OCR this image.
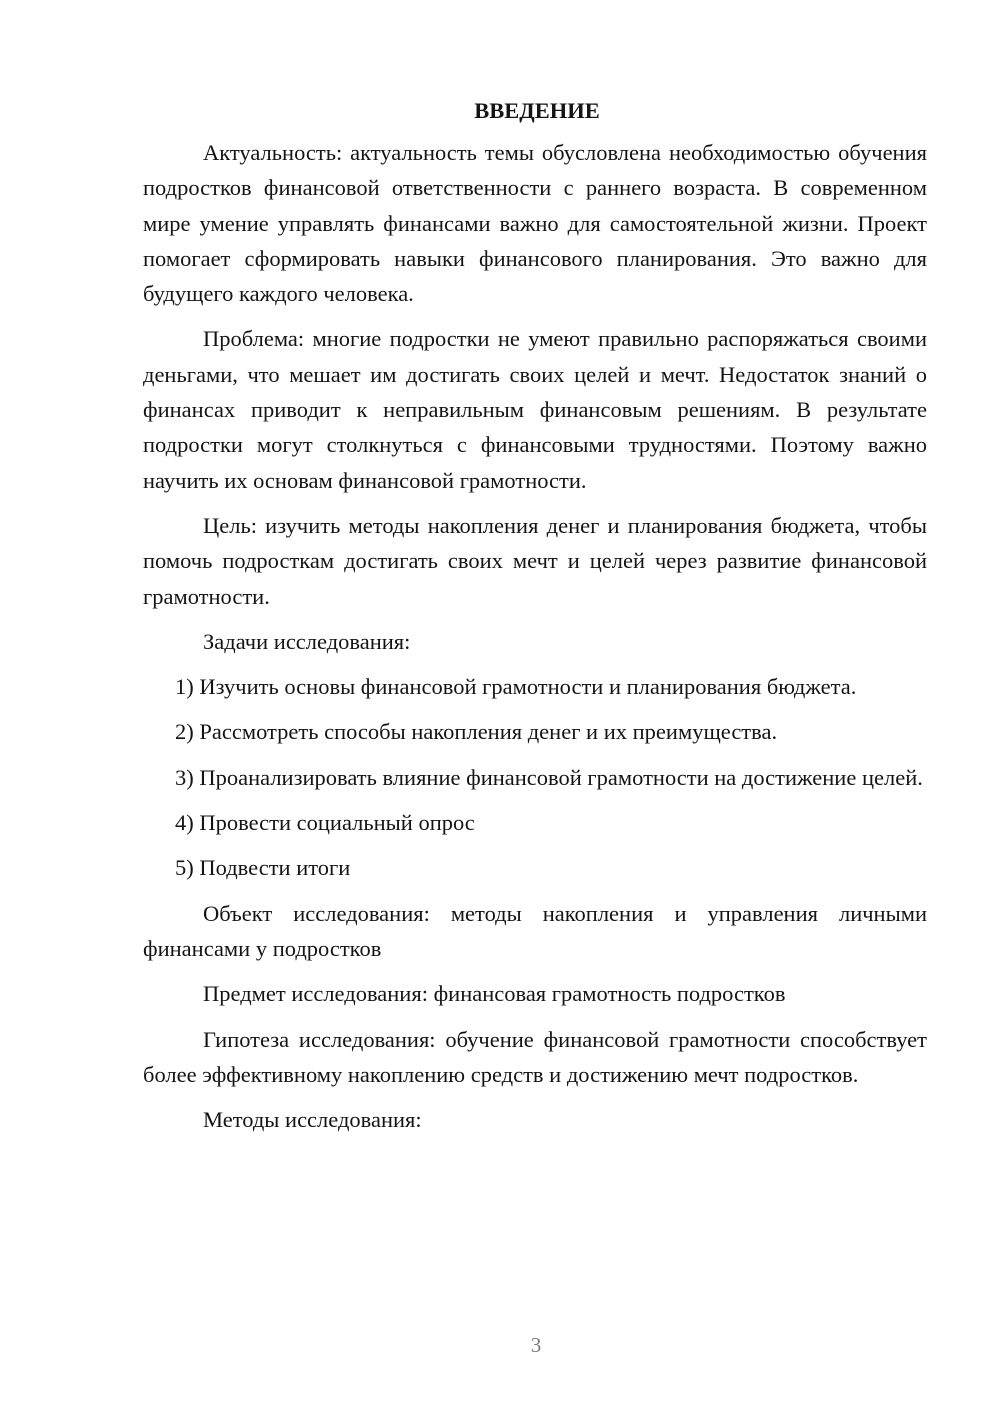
ВВЕДЕНИЕ

Актуальность: актуальность темы обусловлена необходимостью обучения подростков финансовой ответственности с раннего возраста. В современном мире умение управлять финансами важно для самостоятельной жизни. Проект помогает сформировать навыки финансового планирования. Это важно для будущего каждого человека.

Проблема: многие подростки не умеют правильно распоряжаться своими деньгами, что мешает им достигать своих целей и мечт. Недостаток знаний о финансах приводит к неправильным финансовым решениям. В результате подростки могут столкнуться с финансовыми трудностями. Поэтому важно научить их основам финансовой грамотности.

Цель: изучить методы накопления денег и планирования бюджета, чтобы помочь подросткам достигать своих мечт и целей через развитие финансовой грамотности.

Задачи исследования:

1) Изучить основы финансовой грамотности и планирования бюджета.

2) Рассмотреть способы накопления денег и их преимущества.

3) Проанализировать влияние финансовой грамотности на достижение целей.

4) Провести социальный опрос

5) Подвести итоги

Объект исследования: методы накопления и управления личными финансами у подростков

Предмет исследования: финансовая грамотность подростков

Гипотеза исследования: обучение финансовой грамотности способствует более эффективному накоплению средств и достижению мечт подростков.

Методы исследования:

3
